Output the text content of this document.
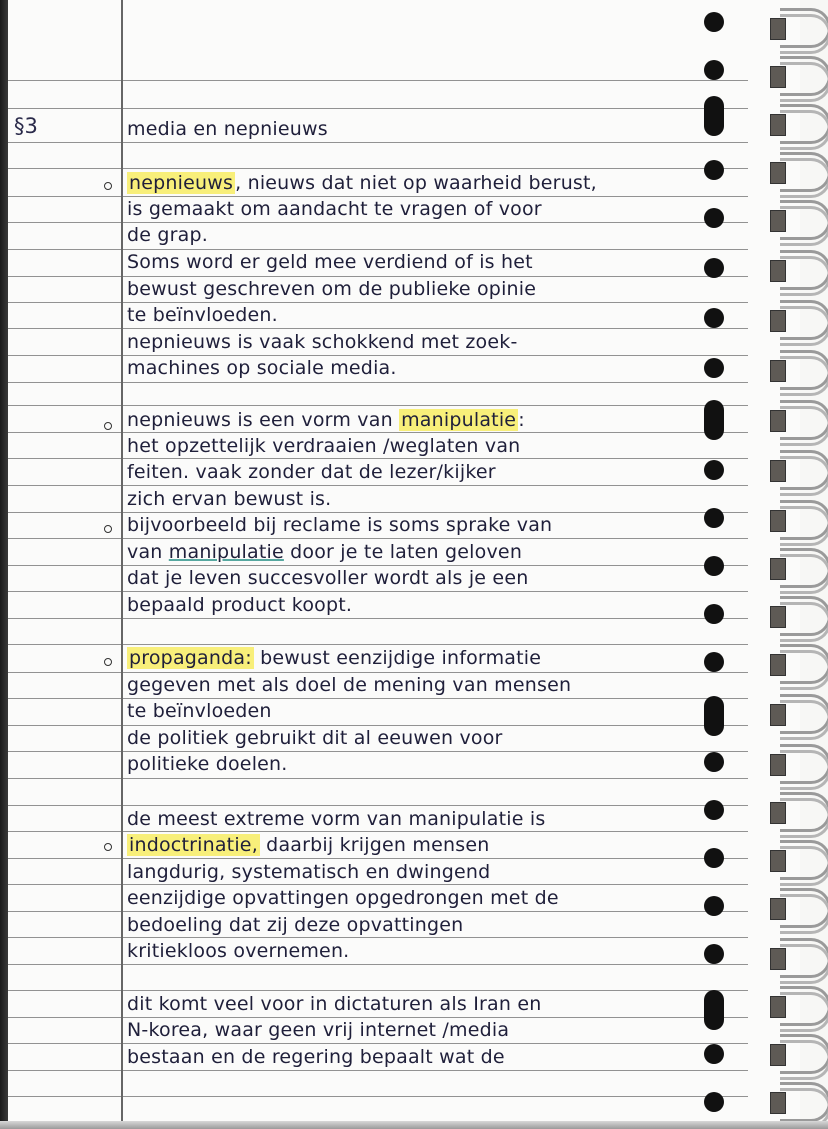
§3	media en nepnieuws
nepnieuws , nieuws dat niet op waarheid berust,
is gemaakt om aandacht te vragen of voor
de grap.
Soms word er geld mee verdiend of is het
bewust geschreven om de publieke opinie
te beïnvloeden.
nepnieuws is vaak schokkend met zoek-
machines op sociale media.
nepnieuws is een vorm van manipulatie :
het opzettelijk verdraaien /weglaten van
feiten. vaak zonder dat de lezer/kijker
zich ervan bewust is.
bijvoorbeeld bij reclame is soms sprake van
van manipulatie door je te laten geloven
dat je leven succesvoller wordt als je een
bepaald product koopt.
propaganda: bewust eenzijdige informatie
gegeven met als doel de mening van mensen
te beïnvloeden
de politiek gebruikt dit al eeuwen voor
politieke doelen.
de meest extreme vorm van manipulatie is
indoctrinatie, daarbij krijgen mensen
langdurig, systematisch en dwingend
eenzijdige opvattingen opgedrongen met de
bedoeling dat zij deze opvattingen
kritiekloos overnemen.
dit komt veel voor in dictaturen als Iran en
N-korea, waar geen vrij internet /media
bestaan en de regering bepaalt wat de
